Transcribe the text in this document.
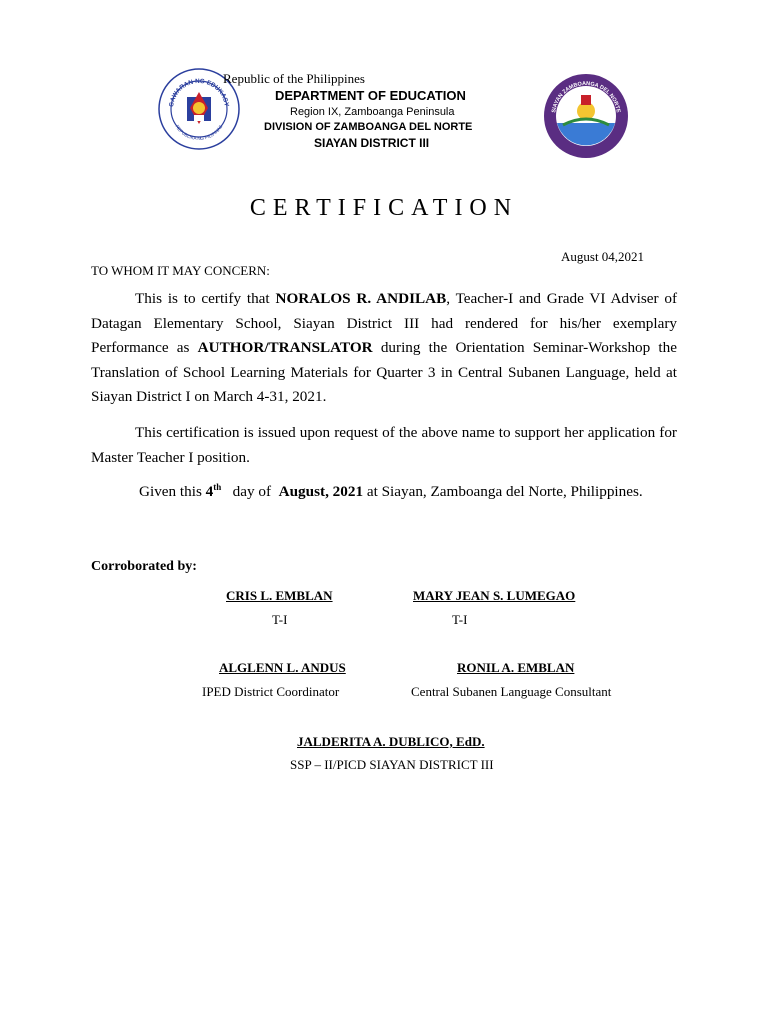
GAWARAN NG EDUKASY
REPUBLIKA NG PILIPINAS
SIAYAN ZAMBOANGA DEL NORTE
Republic of the Philippines
DEPARTMENT OF EDUCATION
Region IX, Zamboanga Peninsula
DIVISION OF ZAMBOANGA DEL NORTE
SIAYAN DISTRICT III
CERTIFICATION
August 04,2021
TO WHOM IT MAY CONCERN:
This is to certify that NORALOS R. ANDILAB, Teacher-I and Grade VI Adviser of Datagan Elementary School, Siayan District III had rendered for his/her exemplary Performance as AUTHOR/TRANSLATOR during the Orientation Seminar-Workshop the Translation of School Learning Materials for Quarter 3 in Central Subanen Language, held at Siayan District I on March 4-31, 2021.
This certification is issued upon request of the above name to support her application for Master Teacher I position.
Given this 4th   day of  August, 2021 at Siayan, Zamboanga del Norte, Philippines.
Corroborated by:
CRIS L. EMBLAN
T-I
MARY JEAN S. LUMEGAO
T-I
ALGLENN L. ANDUS
IPED District Coordinator
RONIL A. EMBLAN
Central Subanen Language Consultant
JALDERITA A. DUBLICO, EdD.
SSP – II/PICD SIAYAN DISTRICT III
